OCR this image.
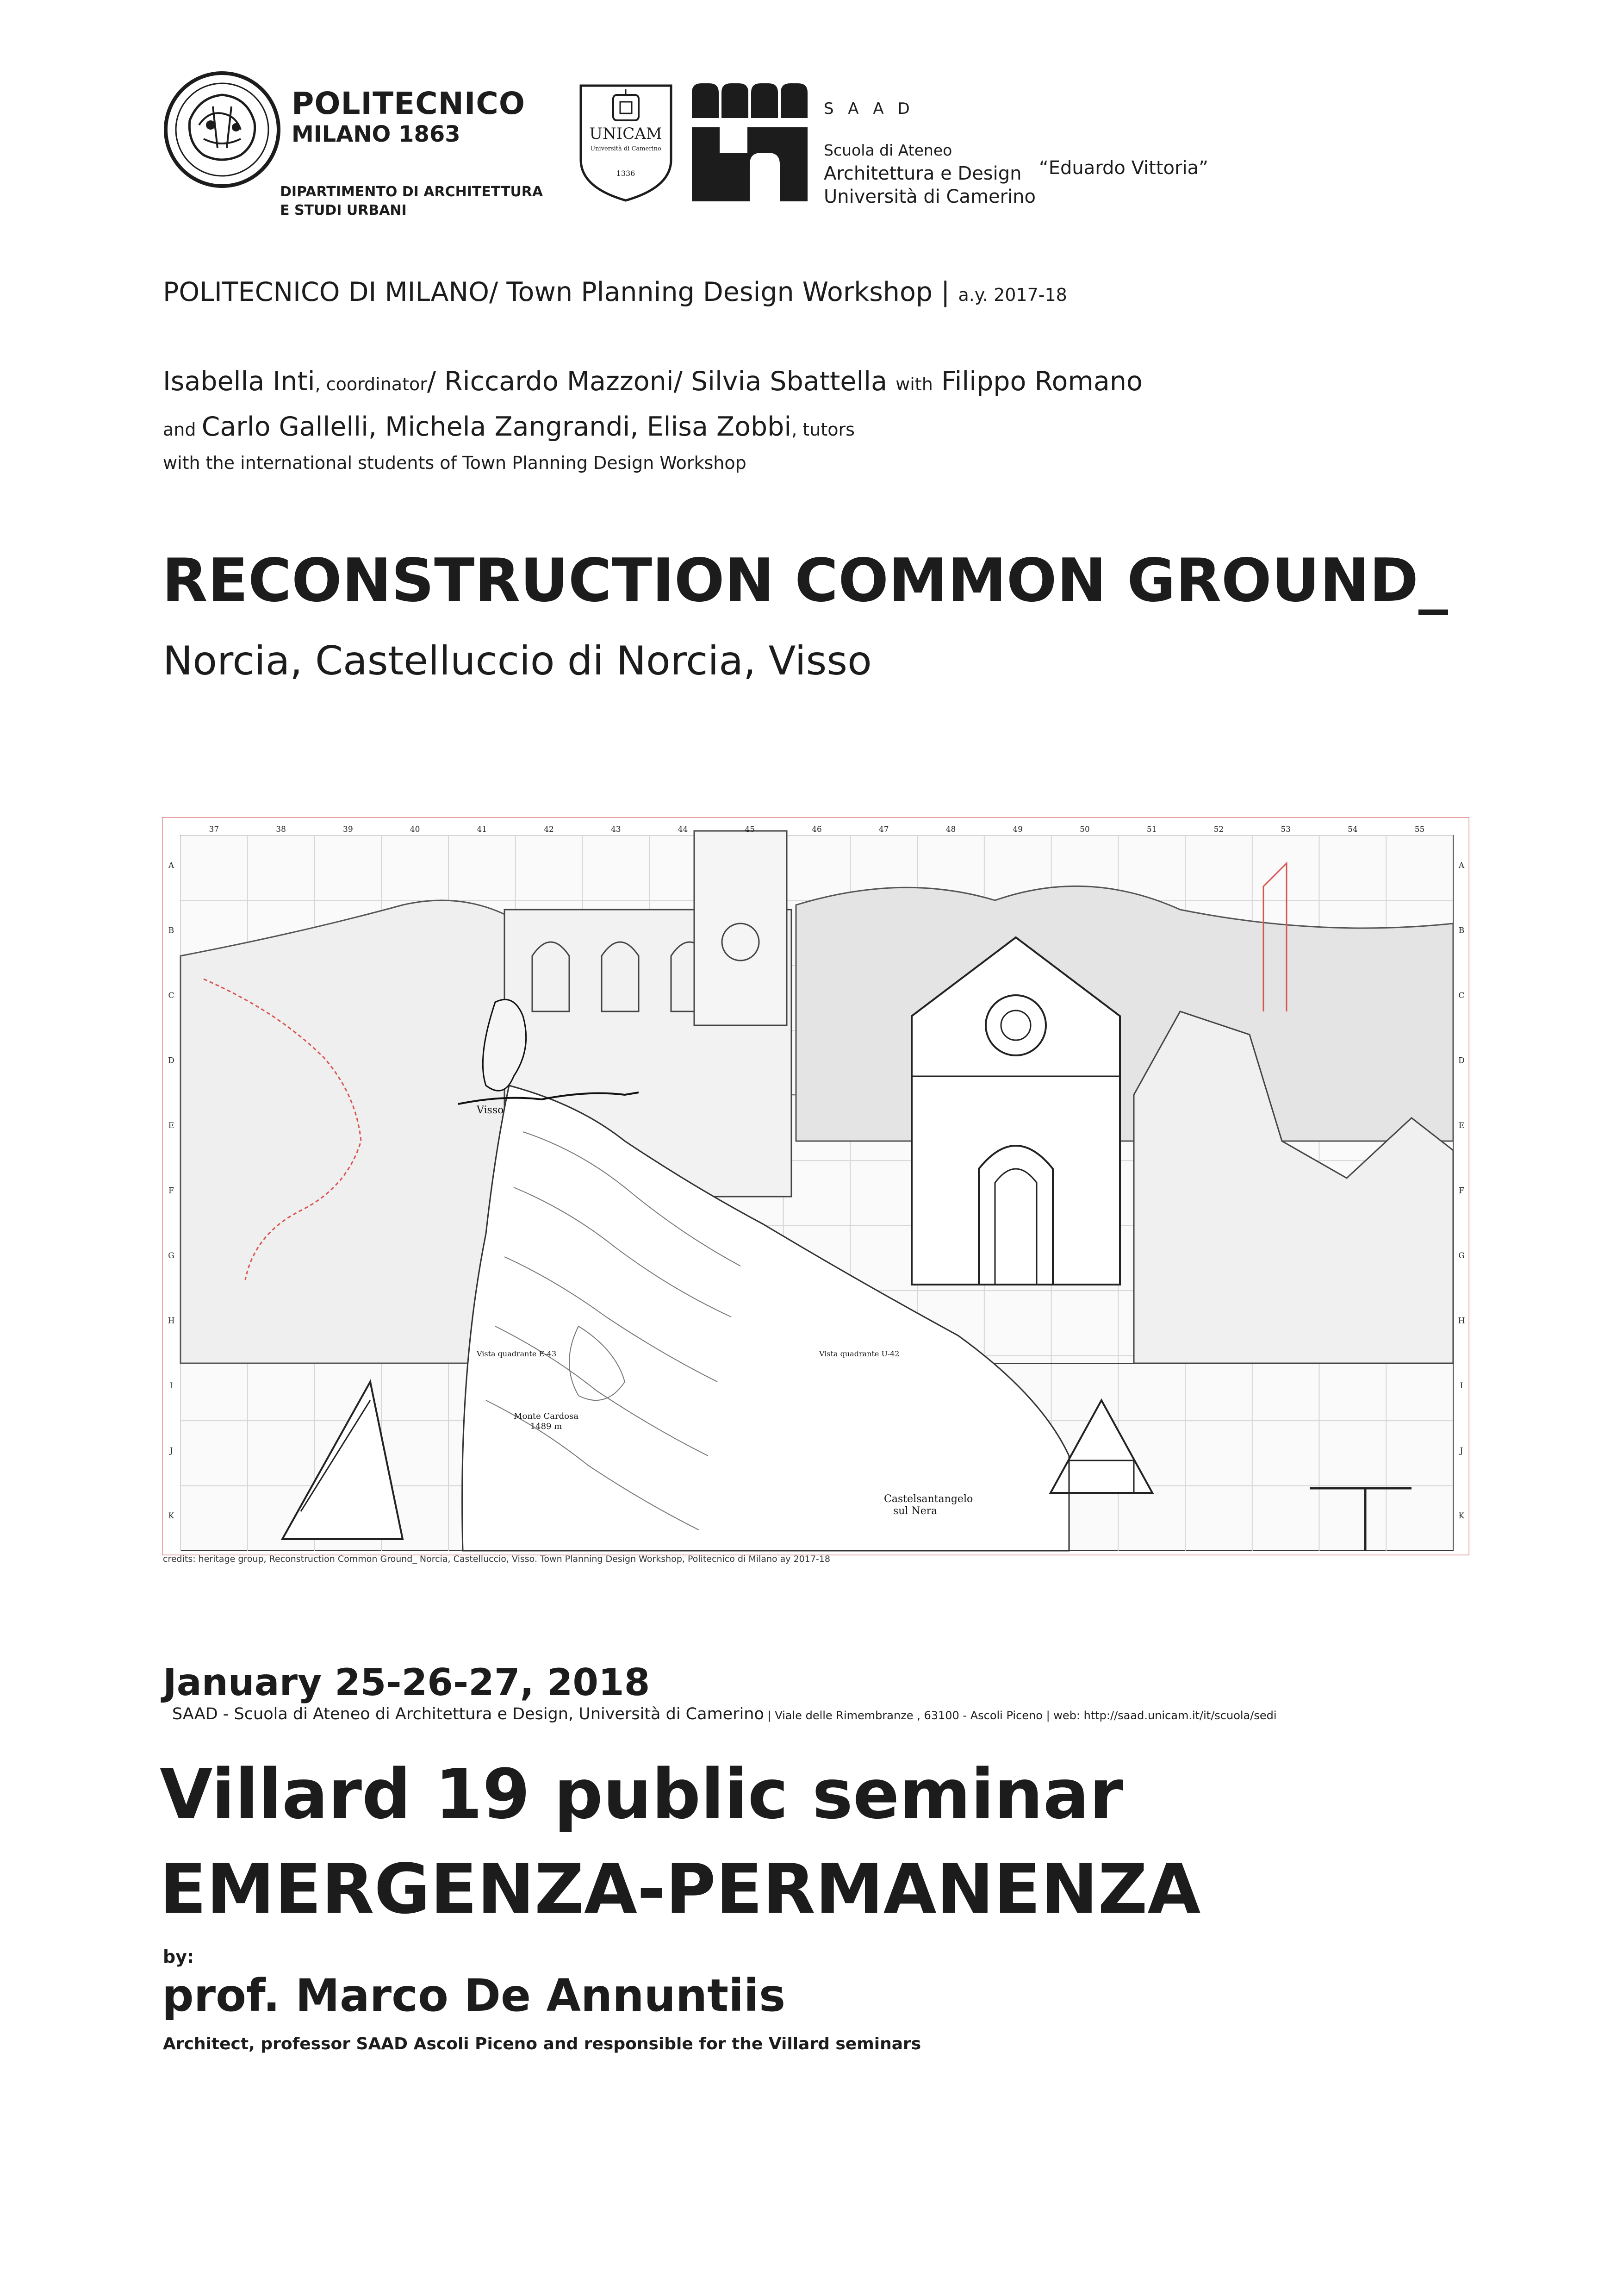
POLITECNICO
MILANO 1863
DIPARTIMENTO DI ARCHITETTURA
E STUDI URBANI
UNICAM
Università di Camerino
1336
SAAD
Scuola di Ateneo
Architettura e Design
Università di Camerino
“Eduardo Vittoria”
POLITECNICO DI MILANO/ Town Planning Design Workshop | a.y. 2017-18
Isabella Inti, coordinator/ Riccardo Mazzoni/ Silvia Sbattella with Filippo Romano
and Carlo Gallelli, Michela Zangrandi, Elisa Zobbi, tutors
with the international students of Town Planning Design Workshop
RECONSTRUCTION COMMON GROUND_
Norcia, Castelluccio di Norcia, Visso
Visso
Monte Cardosa
1489 m
Castelsantangelo
sul Nera
Vista quadrante E-43	Vista quadrante U-42
37	38	39	40	41	42	43	44	45	46	47	48	49	50	51	52	53	54	55
A	A
B	B
C	C
D	D
E	E
F	F
G	G
H	H
I	I
J	J
K	K
credits: heritage group, Reconstruction Common Ground_ Norcia, Castelluccio, Visso. Town Planning Design Workshop, Politecnico di Milano ay 2017-18
January 25-26-27, 2018
SAAD - Scuola di Ateneo di Architettura e Design, Università di Camerino | Viale delle Rimembranze , 63100 - Ascoli Piceno | web: http://saad.unicam.it/it/scuola/sedi
Villard 19 public seminar
EMERGENZA-PERMANENZA
by:
prof. Marco De Annuntiis
Architect, professor SAAD Ascoli Piceno and responsible for the Villard seminars
